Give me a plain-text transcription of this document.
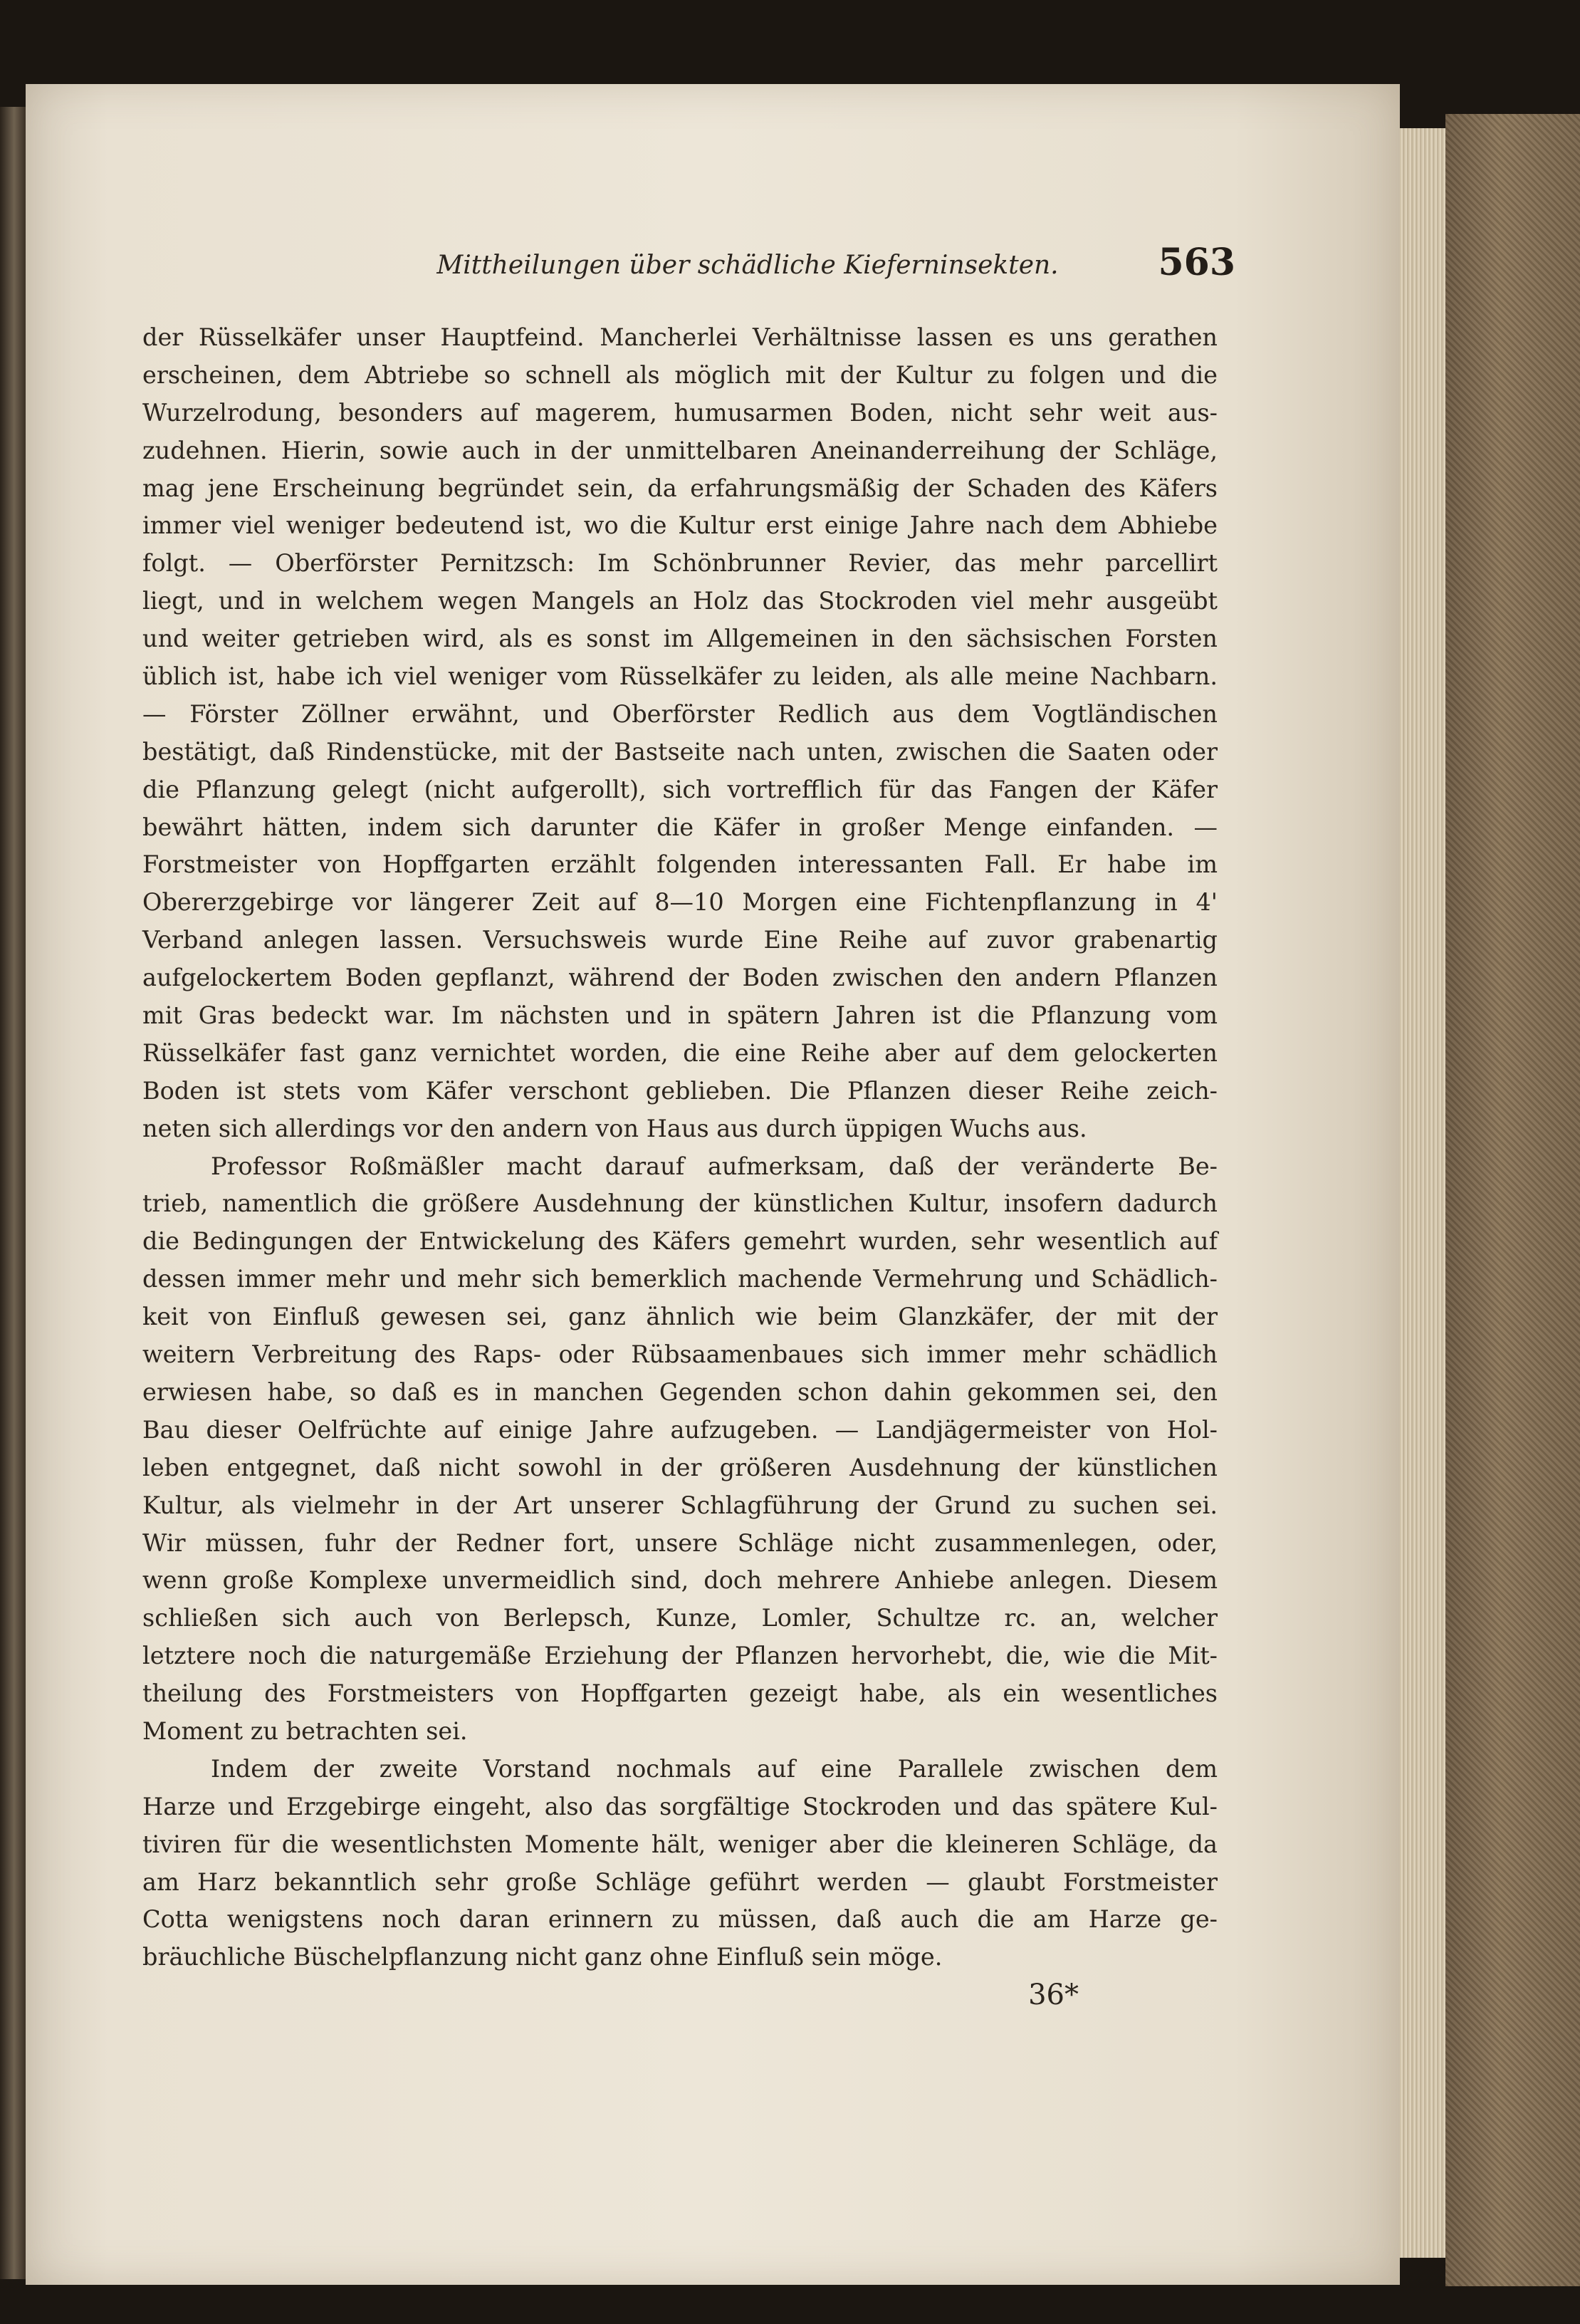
Mittheilungen über schädliche Kieferninsekten.	563
der Rüsselkäfer unser Hauptfeind. Mancherlei Verhältnisse lassen es uns gerathen
erscheinen, dem Abtriebe so schnell als möglich mit der Kultur zu folgen und die
Wurzelrodung, besonders auf magerem, humusarmen Boden, nicht sehr weit aus-
zudehnen. Hierin, sowie auch in der unmittelbaren Aneinanderreihung der Schläge,
mag jene Erscheinung begründet sein, da erfahrungsmäßig der Schaden des Käfers
immer viel weniger bedeutend ist, wo die Kultur erst einige Jahre nach dem Abhiebe
folgt. — Oberförster Pernitzsch: Im Schönbrunner Revier, das mehr parcellirt
liegt, und in welchem wegen Mangels an Holz das Stockroden viel mehr ausgeübt
und weiter getrieben wird, als es sonst im Allgemeinen in den sächsischen Forsten
üblich ist, habe ich viel weniger vom Rüsselkäfer zu leiden, als alle meine Nachbarn.
— Förster Zöllner erwähnt, und Oberförster Redlich aus dem Vogtländischen
bestätigt, daß Rindenstücke, mit der Bastseite nach unten, zwischen die Saaten oder
die Pflanzung gelegt (nicht aufgerollt), sich vortrefflich für das Fangen der Käfer
bewährt hätten, indem sich darunter die Käfer in großer Menge einfanden. —
Forstmeister von Hopffgarten erzählt folgenden interessanten Fall. Er habe im
Obererzgebirge vor längerer Zeit auf 8—10 Morgen eine Fichtenpflanzung in 4'
Verband anlegen lassen. Versuchsweis wurde Eine Reihe auf zuvor grabenartig
aufgelockertem Boden gepflanzt, während der Boden zwischen den andern Pflanzen
mit Gras bedeckt war. Im nächsten und in spätern Jahren ist die Pflanzung vom
Rüsselkäfer fast ganz vernichtet worden, die eine Reihe aber auf dem gelockerten
Boden ist stets vom Käfer verschont geblieben. Die Pflanzen dieser Reihe zeich-
neten sich allerdings vor den andern von Haus aus durch üppigen Wuchs aus.
Professor Roßmäßler macht darauf aufmerksam, daß der veränderte Be-
trieb, namentlich die größere Ausdehnung der künstlichen Kultur, insofern dadurch
die Bedingungen der Entwickelung des Käfers gemehrt wurden, sehr wesentlich auf
dessen immer mehr und mehr sich bemerklich machende Vermehrung und Schädlich-
keit von Einfluß gewesen sei, ganz ähnlich wie beim Glanzkäfer, der mit der
weitern Verbreitung des Raps- oder Rübsaamenbaues sich immer mehr schädlich
erwiesen habe, so daß es in manchen Gegenden schon dahin gekommen sei, den
Bau dieser Oelfrüchte auf einige Jahre aufzugeben. — Landjägermeister von Hol-
leben entgegnet, daß nicht sowohl in der größeren Ausdehnung der künstlichen
Kultur, als vielmehr in der Art unserer Schlagführung der Grund zu suchen sei.
Wir müssen, fuhr der Redner fort, unsere Schläge nicht zusammenlegen, oder,
wenn große Komplexe unvermeidlich sind, doch mehrere Anhiebe anlegen. Diesem
schließen sich auch von Berlepsch, Kunze, Lomler, Schultze rc. an, welcher
letztere noch die naturgemäße Erziehung der Pflanzen hervorhebt, die, wie die Mit-
theilung des Forstmeisters von Hopffgarten gezeigt habe, als ein wesentliches
Moment zu betrachten sei.
Indem der zweite Vorstand nochmals auf eine Parallele zwischen dem
Harze und Erzgebirge eingeht, also das sorgfältige Stockroden und das spätere Kul-
tiviren für die wesentlichsten Momente hält, weniger aber die kleineren Schläge, da
am Harz bekanntlich sehr große Schläge geführt werden — glaubt Forstmeister
Cotta wenigstens noch daran erinnern zu müssen, daß auch die am Harze ge-
bräuchliche Büschelpflanzung nicht ganz ohne Einfluß sein möge.
36*
